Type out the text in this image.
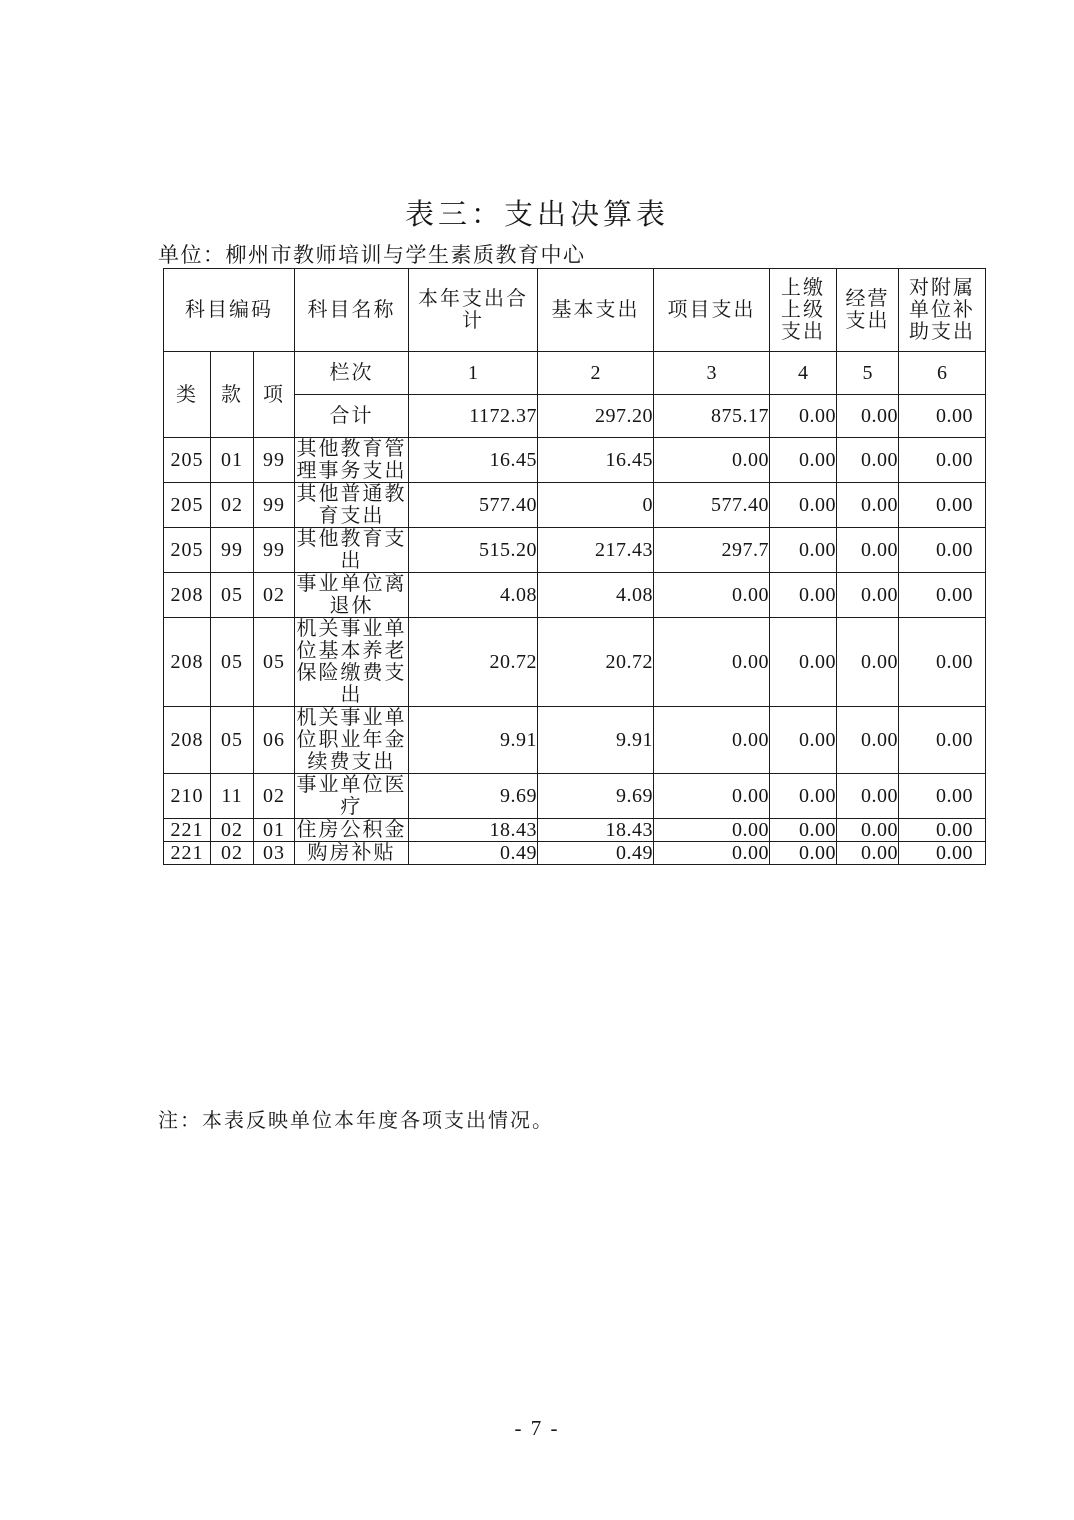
表三：支出决算表
单位：柳州市教师培训与学生素质教育中心
科目编码			科目名称	本年支出合计	基本支出	项目支出	上缴上级支出	经营支出	对附属单位补助支出
类	款	项	栏次	1	2	3	4	5	6
			合计	1172.37	297.20	875.17	0.00	0.00	0.00
205	01	99	其他教育管理事务支出	16.45	16.45	0.00	0.00	0.00	0.00
205	02	99	其他普通教育支出	577.40	0	577.40	0.00	0.00	0.00
205	99	99	其他教育支出	515.20	217.43	297.7	0.00	0.00	0.00
208	05	02	事业单位离退休	4.08	4.08	0.00	0.00	0.00	0.00
208	05	05	机关事业单位基本养老保险缴费支出	20.72	20.72	0.00	0.00	0.00	0.00
208	05	06	机关事业单位职业年金续费支出	9.91	9.91	0.00	0.00	0.00	0.00
210	11	02	事业单位医疗	9.69	9.69	0.00	0.00	0.00	0.00
221	02	01	住房公积金	18.43	18.43	0.00	0.00	0.00	0.00
221	02	03	购房补贴	0.49	0.49	0.00	0.00	0.00	0.00
注：本表反映单位本年度各项支出情况。
- 7 -
